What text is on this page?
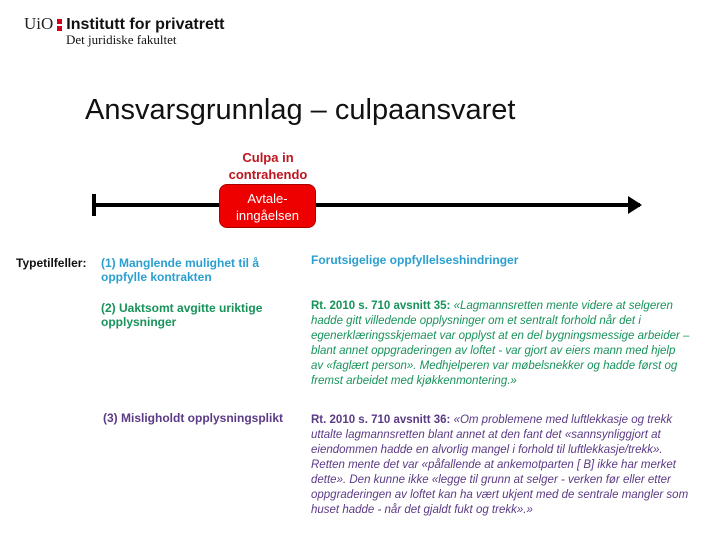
UiO Institutt for privatrett
Det juridiske fakultet
Ansvarsgrunnlag – culpaansvaret
Culpa in
contrahendo
Avtale-
inngåelsen
Typetilfeller: (1) Manglende mulighet til å
oppfylle kontrakten
Forutsigelige oppfyllelseshindringer
(2) Uaktsomt avgitte uriktige
opplysninger
Rt. 2010 s. 710 avsnitt 35: «Lagmannsretten mente videre at selgeren
hadde gitt villedende opplysninger om et sentralt forhold når det i
egenerklæringsskjemaet var opplyst at en del bygningsmessige arbeider –
blant annet oppgraderingen av loftet - var gjort av eiers mann med hjelp
av «faglært person». Medhjelperen var møbelsnekker og hadde først og
fremst arbeidet med kjøkkenmontering.»
(3) Misligholdt opplysningsplikt Rt. 2010 s. 710 avsnitt 36: «Om problemene med luftlekkasje og trekk
uttalte lagmannsretten blant annet at den fant det «sannsynliggjort at
eiendommen hadde en alvorlig mangel i forhold til luftlekkasje/trekk».
Retten mente det var «påfallende at ankemotparten [ B] ikke har merket
dette». Den kunne ikke «legge til grunn at selger - verken før eller etter
oppgraderingen av loftet kan ha vært ukjent med de sentrale mangler som
huset hadde - når det gjaldt fukt og trekk».»
